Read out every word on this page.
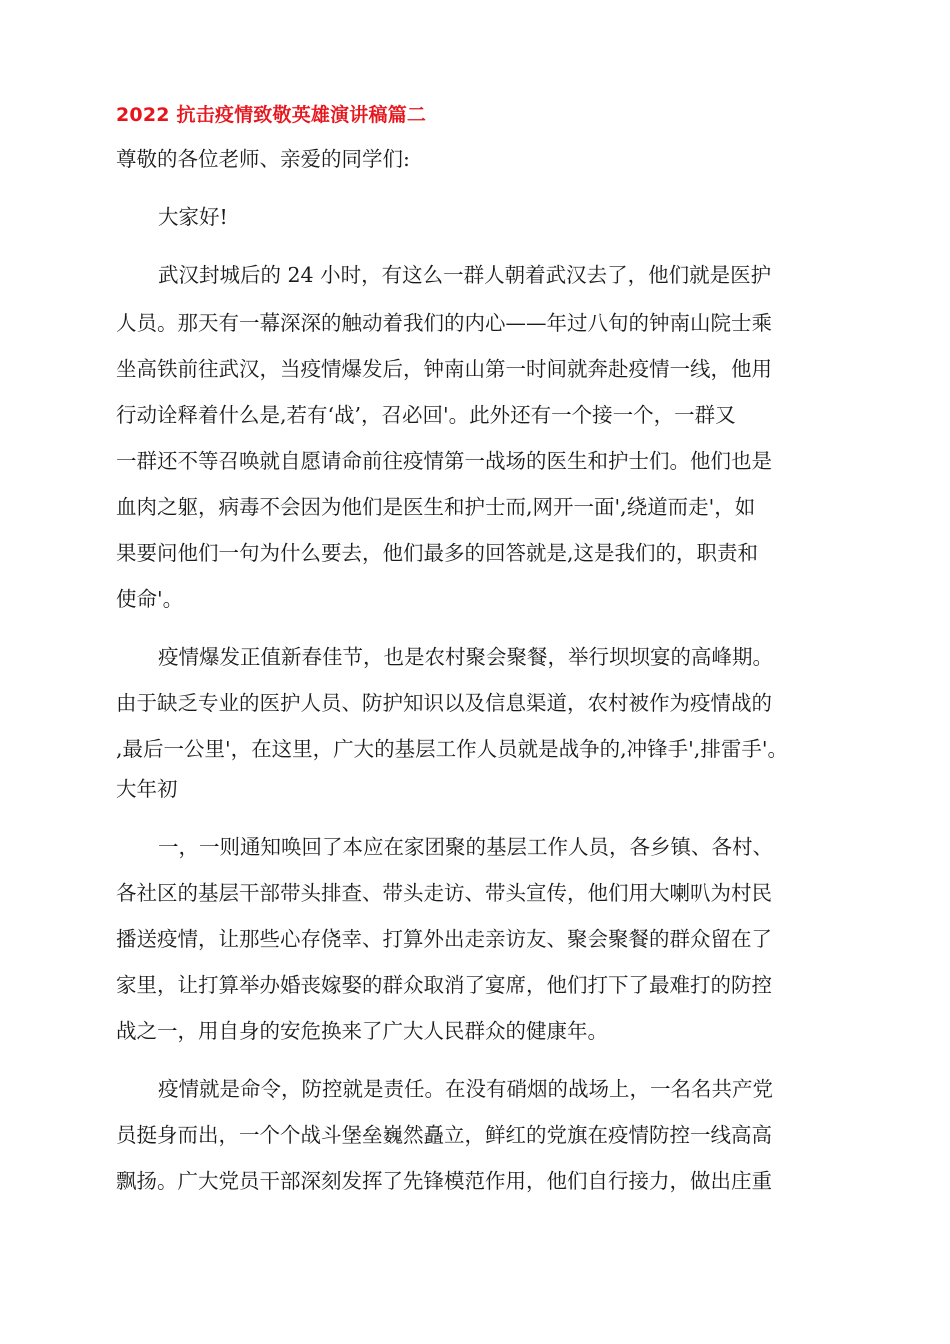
2022 抗击疫情致敬英雄演讲稿篇二
尊敬的各位老师、亲爱的同学们:
大家好!
武汉封城后的 24 小时，有这么一群人朝着武汉去了，他们就是医护
人员。那天有一幕深深的触动着我们的内心——年过八旬的钟南山院士乘
坐高铁前往武汉，当疫情爆发后，钟南山第一时间就奔赴疫情一线，他用
行动诠释着什么是,若有‘战’，召必回'。此外还有一个接一个，一群又
一群还不等召唤就自愿请命前往疫情第一战场的医生和护士们。他们也是
血肉之躯，病毒不会因为他们是医生和护士而,网开一面',绕道而走'，如
果要问他们一句为什么要去，他们最多的回答就是,这是我们的，职责和
使命'。
疫情爆发正值新春佳节，也是农村聚会聚餐，举行坝坝宴的高峰期。
由于缺乏专业的医护人员、防护知识以及信息渠道，农村被作为疫情战的
,最后一公里'，在这里，广大的基层工作人员就是战争的,冲锋手',排雷手'。
大年初
一，一则通知唤回了本应在家团聚的基层工作人员，各乡镇、各村、
各社区的基层干部带头排查、带头走访、带头宣传，他们用大喇叭为村民
播送疫情，让那些心存侥幸、打算外出走亲访友、聚会聚餐的群众留在了
家里，让打算举办婚丧嫁娶的群众取消了宴席，他们打下了最难打的防控
战之一，用自身的安危换来了广大人民群众的健康年。
疫情就是命令，防控就是责任。在没有硝烟的战场上，一名名共产党
员挺身而出，一个个战斗堡垒巍然矗立，鲜红的党旗在疫情防控一线高高
飘扬。广大党员干部深刻发挥了先锋模范作用，他们自行接力，做出庄重
